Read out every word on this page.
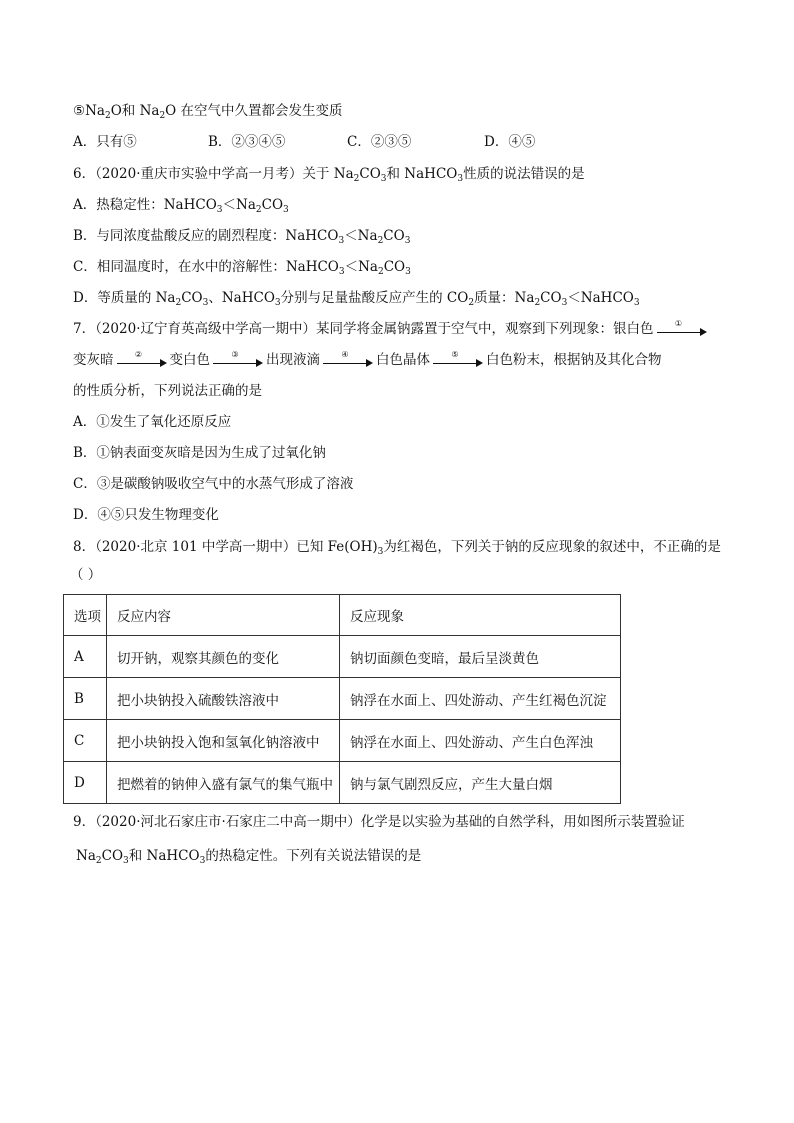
$⑤Na_2O$和 $Na_2O$ 在空气中久置都会发生变质
A．只有⑤	B．②③④⑤	C．②③⑤	D．④⑤
6．（2020·重庆市实验中学高一月考）关于 $Na_2CO_3$和 NaHCO$_3$性质的说法错误的是
A．热稳定性：$NaHCO_3<Na_2CO_3$
B．与同浓度盐酸反应的剧烈程度：$NaHCO_3<Na_2CO_3$
C．相同温度时，在水中的溶解性：$NaHCO_3<Na_2CO_3$
D．等质量的 $Na_2CO_3$、NaHCO$_3$分别与足量盐酸反应产生的 $CO_2$质量：$Na_2CO_3<NaHCO_3$
7．（2020·辽宁育英高级中学高一期中）某同学将金属钠露置于空气中，观察到下列现象：银白色	①
变灰暗	②	变白色	③	出现液滴	④	白色晶体	⑤	白色粉末，根据钠及其化合物
的性质分析，下列说法正确的是
A．①发生了氧化还原反应
B．①钠表面变灰暗是因为生成了过氧化钠
C．③是碳酸钠吸收空气中的水蒸气形成了溶液
D．④⑤只发生物理变化
8．（2020·北京 101 中学高一期中）已知 $Fe(OH)_3$为红褐色，下列关于钠的反应现象的叙述中，不正确的是
（ ）
选项	反应内容	反应现象
A	切开钠，观察其颜色的变化	钠切面颜色变暗，最后呈淡黄色
B	把小块钠投入硫酸铁溶液中	钠浮在水面上、四处游动、产生红褐色沉淀
C	把小块钠投入饱和氢氧化钠溶液中	钠浮在水面上、四处游动、产生白色浑浊
D	把燃着的钠伸入盛有氯气的集气瓶中	钠与氯气剧烈反应，产生大量白烟
9．（2020·河北石家庄市·石家庄二中高一期中）化学是以实验为基础的自然学科，用如图所示装置验证
$Na_2CO_3$和 NaHCO$_3$的热稳定性。下列有关说法错误的是
